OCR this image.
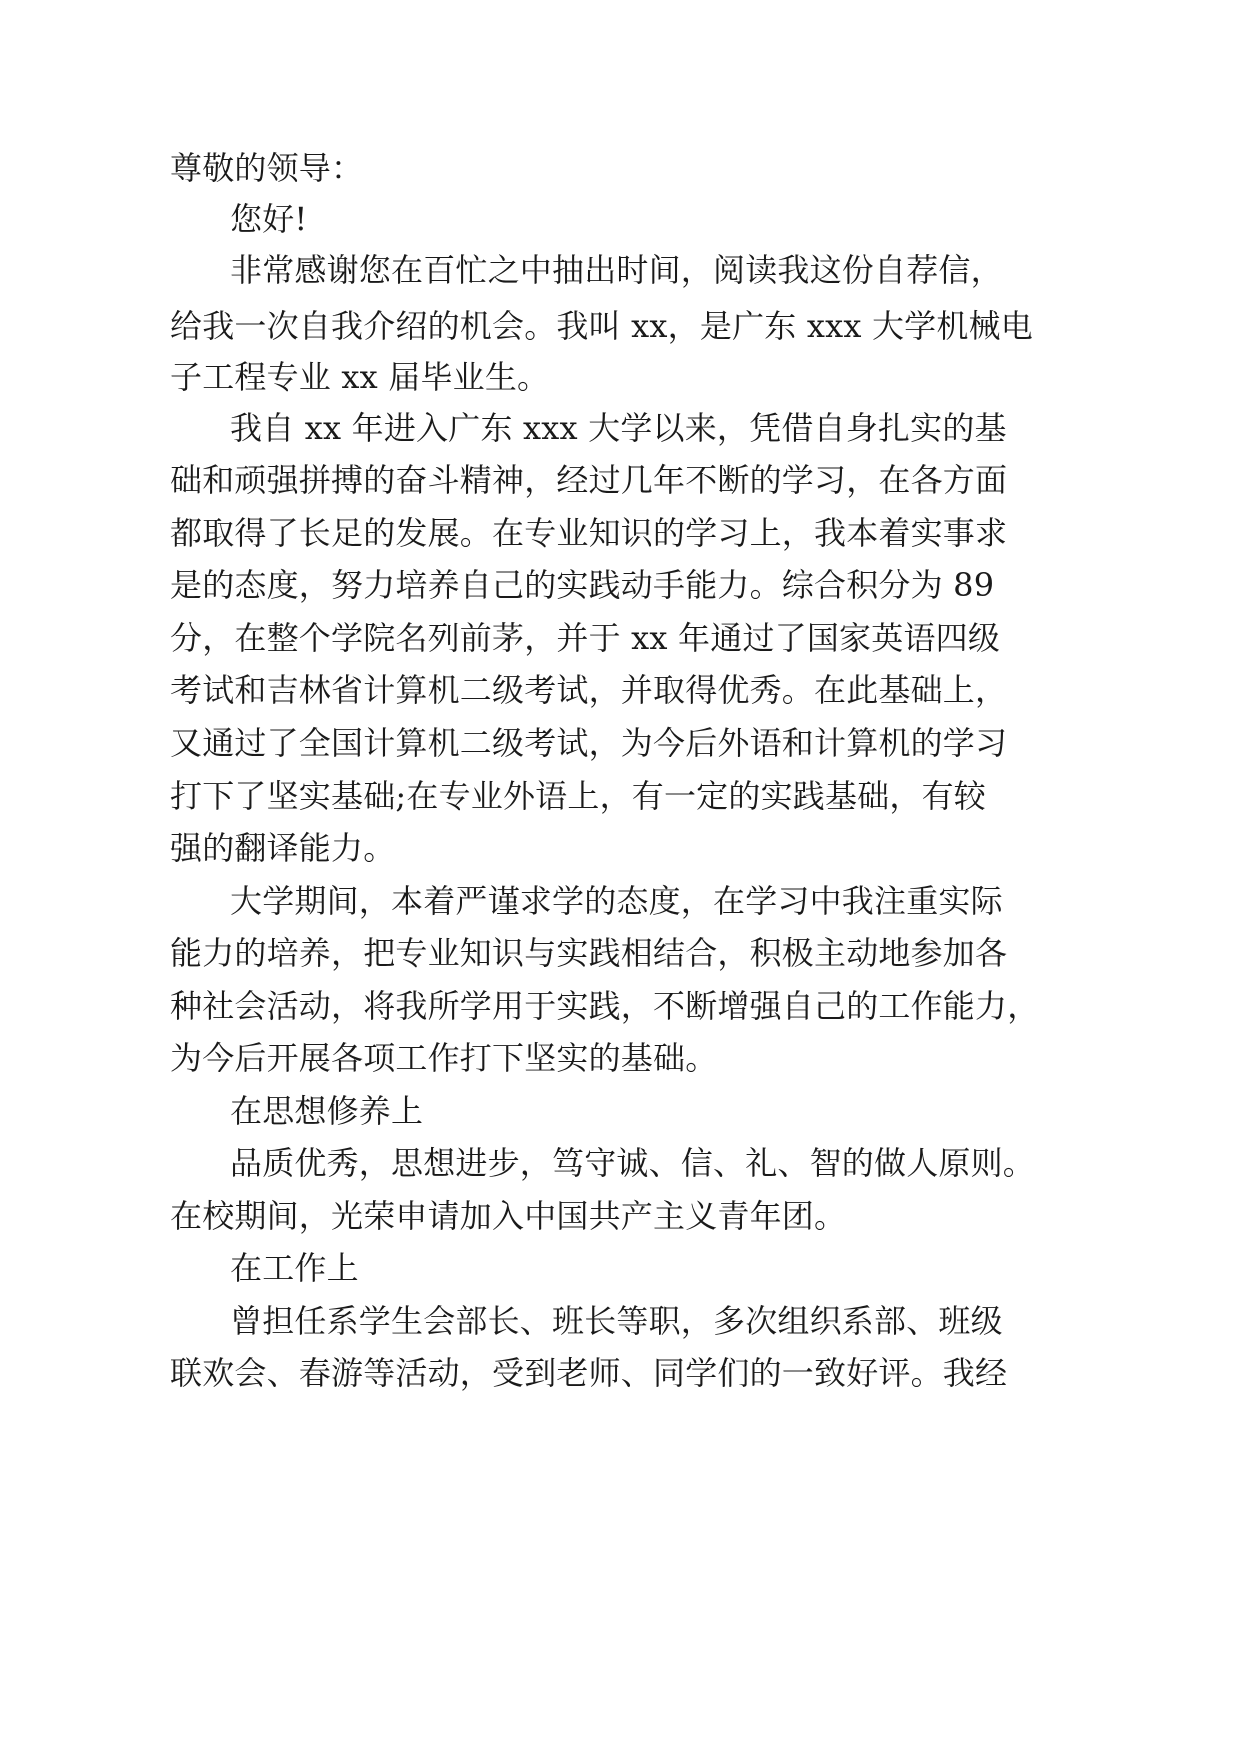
尊敬的领导：

您好!

非常感谢您在百忙之中抽出时间，阅读我这份自荐信，

给我一次自我介绍的机会。我叫 xx，是广东 xxx 大学机械电

子工程专业 xx 届毕业生。

我自 xx 年进入广东 xxx 大学以来，凭借自身扎实的基

础和顽强拼搏的奋斗精神，经过几年不断的学习，在各方面

都取得了长足的发展。在专业知识的学习上，我本着实事求

是的态度，努力培养自己的实践动手能力。综合积分为 89

分，在整个学院名列前茅，并于 xx 年通过了国家英语四级

考试和吉林省计算机二级考试，并取得优秀。在此基础上，

又通过了全国计算机二级考试，为今后外语和计算机的学习

打下了坚实基础;在专业外语上，有一定的实践基础，有较

强的翻译能力。

大学期间，本着严谨求学的态度，在学习中我注重实际

能力的培养，把专业知识与实践相结合，积极主动地参加各

种社会活动，将我所学用于实践，不断增强自己的工作能力，

为今后开展各项工作打下坚实的基础。

在思想修养上

品质优秀，思想进步，笃守诚、信、礼、智的做人原则。

在校期间，光荣申请加入中国共产主义青年团。

在工作上

曾担任系学生会部长、班长等职，多次组织系部、班级

联欢会、春游等活动，受到老师、同学们的一致好评。我经
